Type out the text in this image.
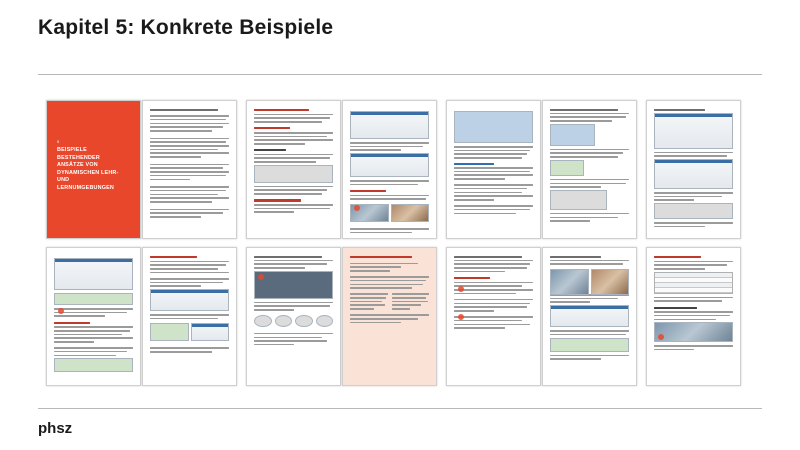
Kapitel 5: Konkrete Beispiele
5
BEISPIELE BESTEHENDER ANSÄTZE VON DYNAMISCHEN LEHR- UND LERNUMGEBUNGEN
phsz
